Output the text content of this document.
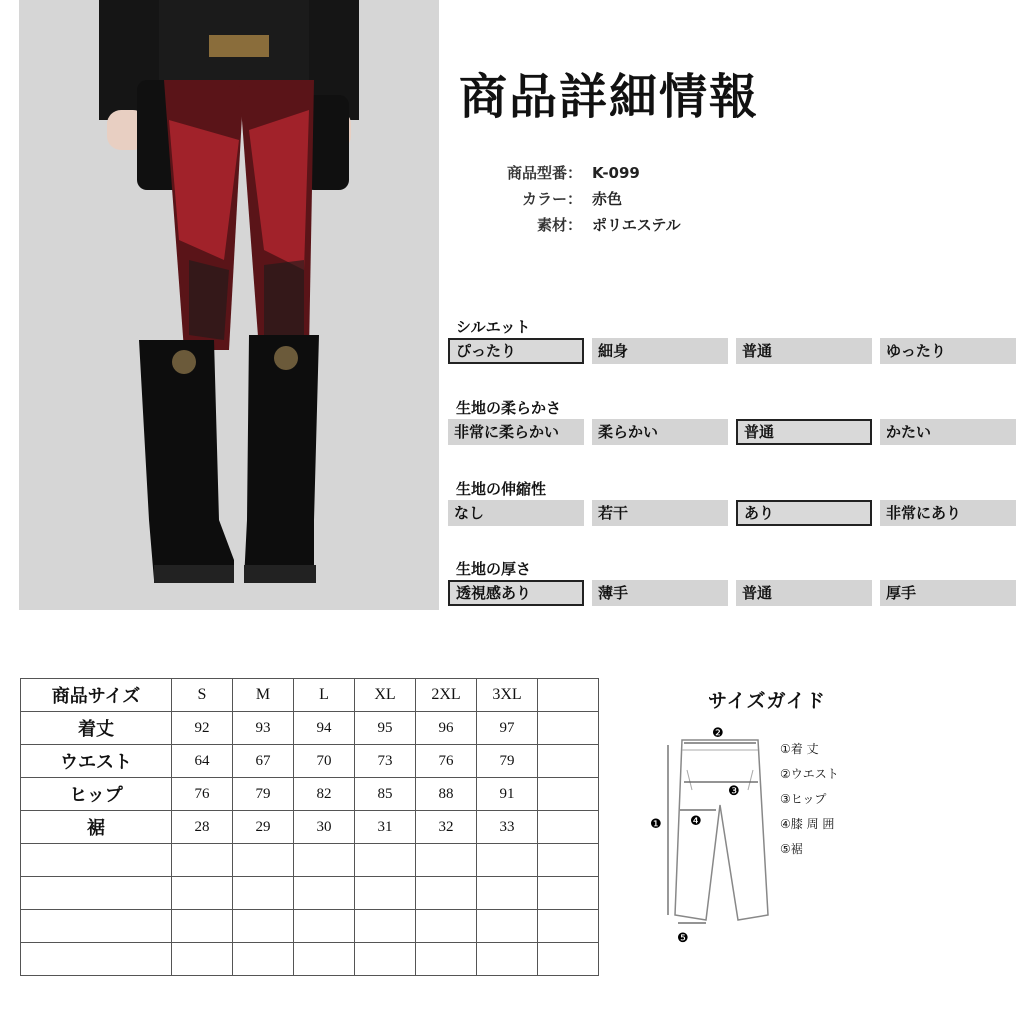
商品詳細情報
商品型番： K-099
カラー： 赤色
素材： ポリエステル
シルエット
ぴったり	細身	普通	ゆったり
生地の柔らかさ
非常に柔らかい	柔らかい	普通	かたい
生地の伸縮性
なし	若干	あり	非常にあり
生地の厚さ
透視感あり	薄手	普通	厚手
商品サイズ	S	M	L	XL	2XL	3XL	
着丈	92	93	94	95	96	97	
ウエスト	64	67	70	73	76	79	
ヒップ	76	79	82	85	88	91	
裾	28	29	30	31	32	33	

サイズガイド
❷
❸
❹
❶
❺
①着 丈
②ウエスト
③ヒップ
④膝 周 囲
⑤裾
